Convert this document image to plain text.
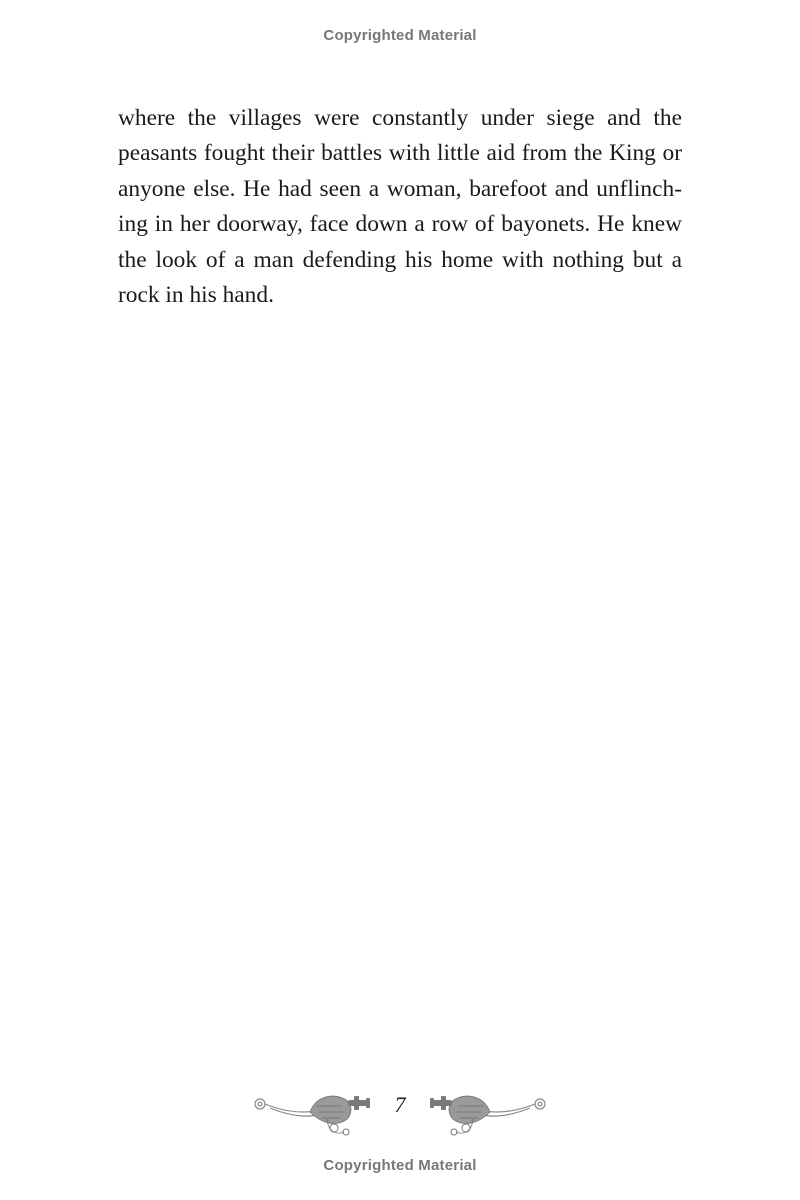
Copyrighted Material

where the villages were constantly under siege and the
peasants fought their battles with little aid from the King or
anyone else. He had seen a woman, barefoot and unflinch-
ing in her doorway, face down a row of bayonets. He knew
the look of a man defending his home with nothing but a
rock in his hand.

7
Copyrighted Material
